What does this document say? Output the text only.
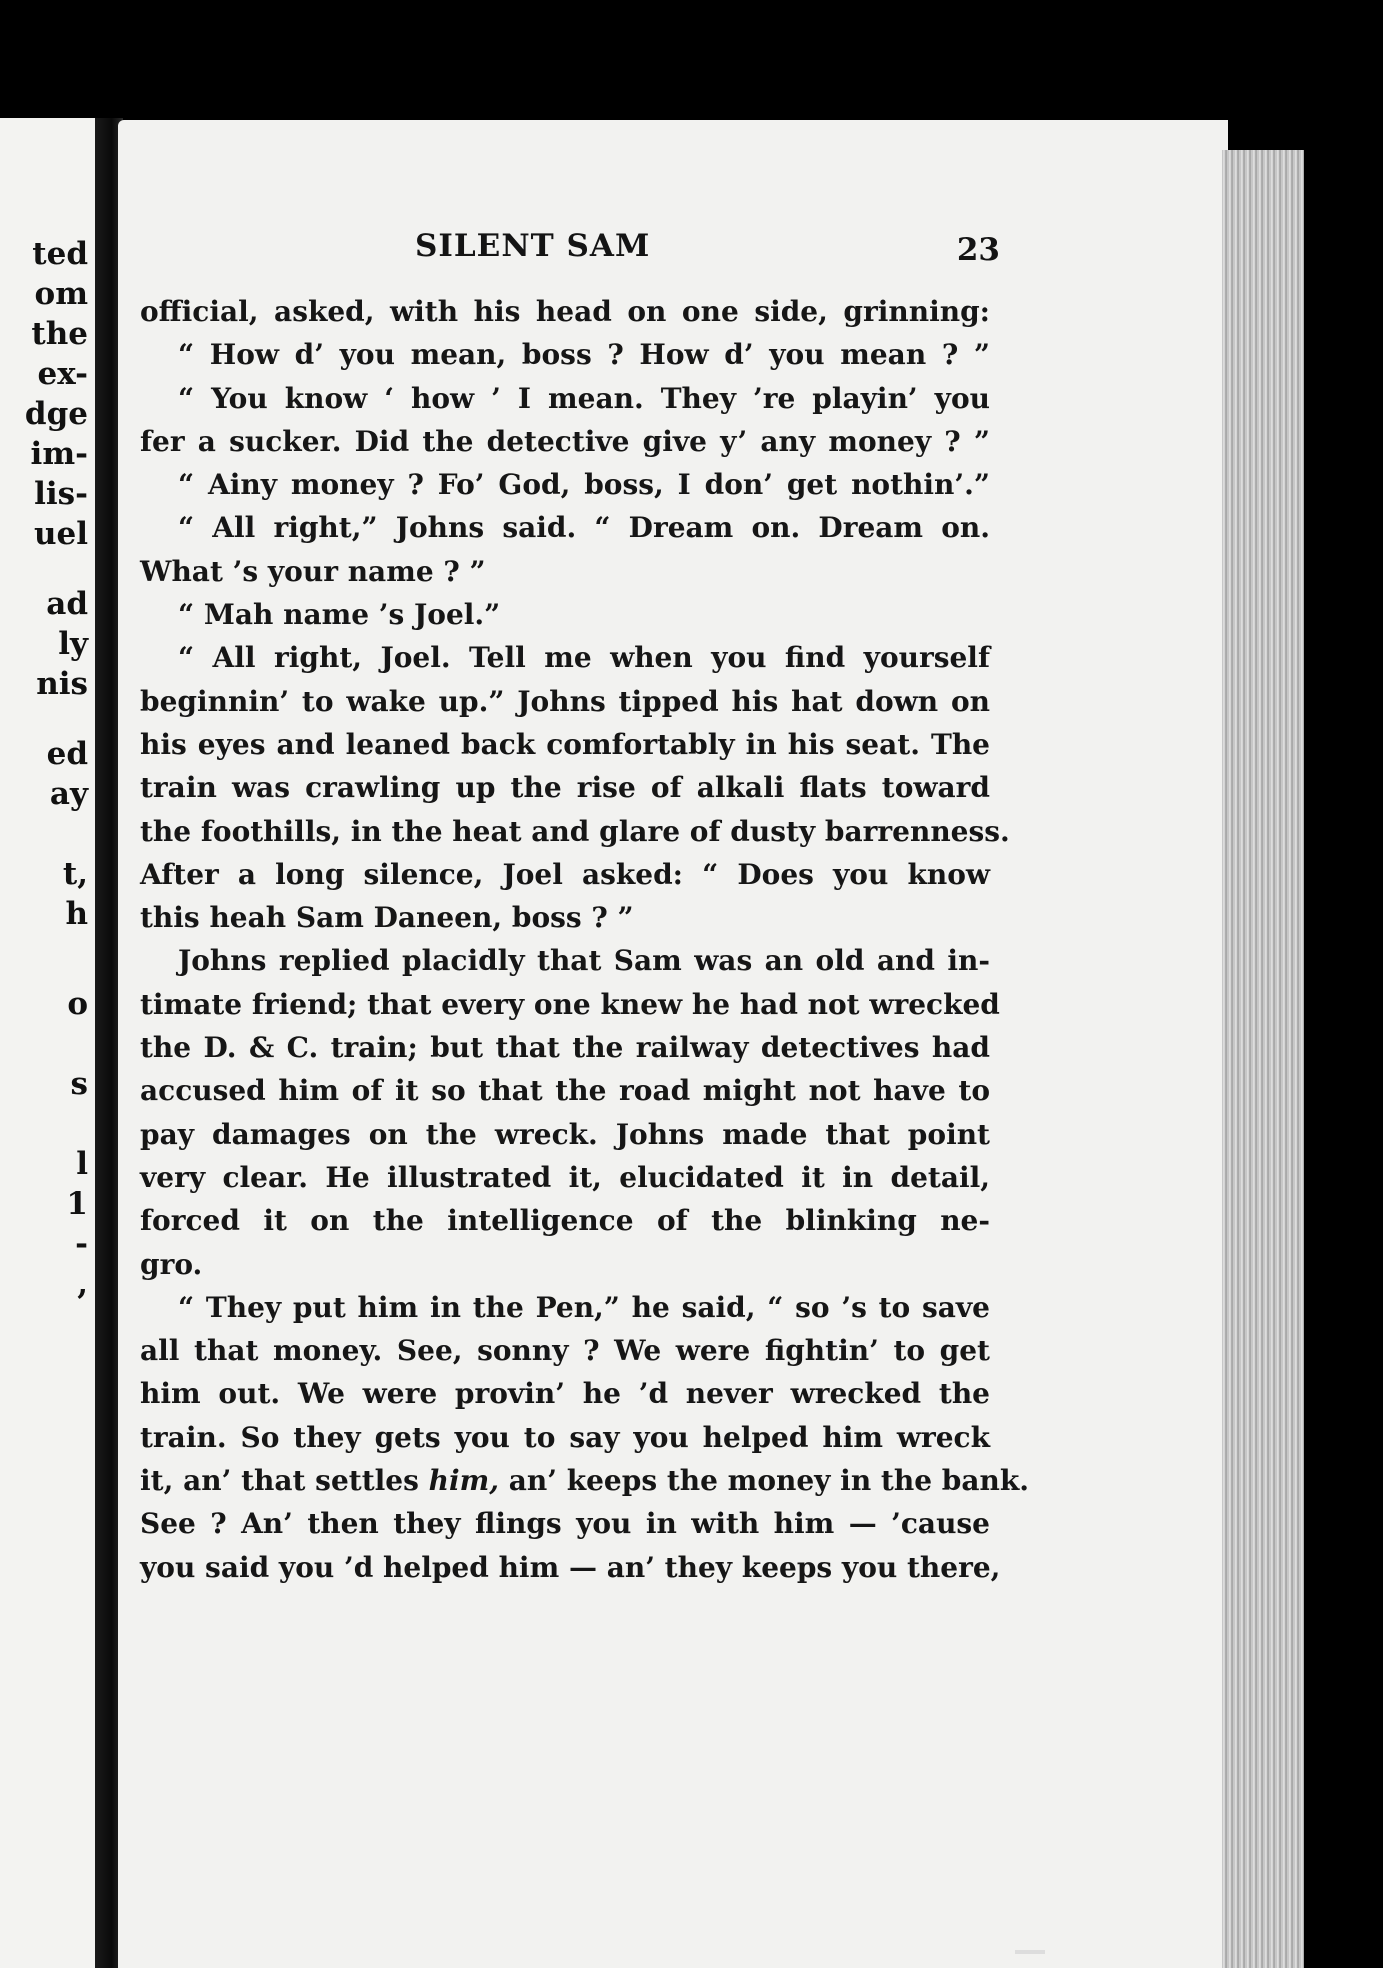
ted
om
the
ex-
dge
im-
lis-
uel
ad
ly
nis
ed
ay
t,
h
o
s
l
1
-
,
SILENT SAM	23
official, asked, with his head on one side, grinning:
“ How d’ you mean, boss ? How d’ you mean ? ”
“ You know ‘ how ’ I mean. They ’re playin’ you
fer a sucker. Did the detective give y’ any money ? ”
“ Ainy money ? Fo’ God, boss, I don’ get nothin’.”
“ All right,” Johns said. “ Dream on. Dream on.
What ’s your name ? ”
“ Mah name ’s Joel.”
“ All right, Joel. Tell me when you find yourself
beginnin’ to wake up.” Johns tipped his hat down on
his eyes and leaned back comfortably in his seat. The
train was crawling up the rise of alkali flats toward
the foothills, in the heat and glare of dusty barrenness.
After a long silence, Joel asked: “ Does you know
this heah Sam Daneen, boss ? ”
Johns replied placidly that Sam was an old and in-
timate friend; that every one knew he had not wrecked
the D. & C. train; but that the railway detectives had
accused him of it so that the road might not have to
pay damages on the wreck. Johns made that point
very clear. He illustrated it, elucidated it in detail,
forced it on the intelligence of the blinking ne-
gro.
“ They put him in the Pen,” he said, “ so ’s to save
all that money. See, sonny ? We were fightin’ to get
him out. We were provin’ he ’d never wrecked the
train. So they gets you to say you helped him wreck
it, an’ that settles him, an’ keeps the money in the bank.
See ? An’ then they flings you in with him — ’cause
you said you ’d helped him — an’ they keeps you there,
